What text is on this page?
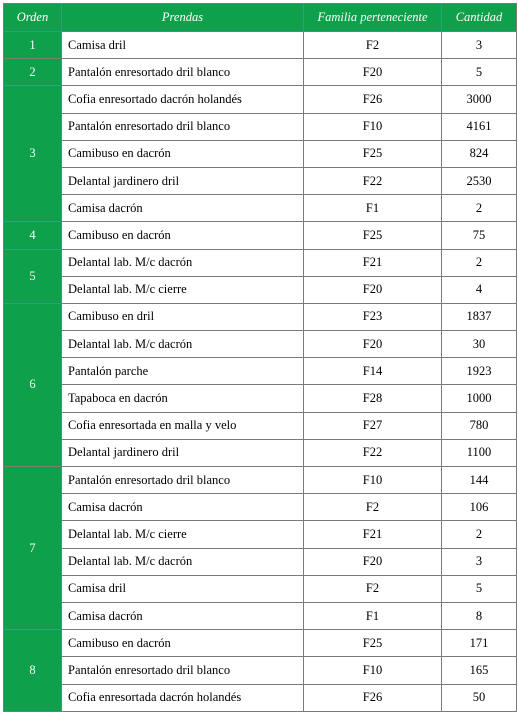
Orden	Prendas	Familia perteneciente	Cantidad
1	Camisa dril	F2	3
2	Pantalón enresortado dril blanco	F20	5
3	Cofia enresortado dacrón holandés	F26	3000
	Pantalón enresortado dril blanco	F10	4161
	Camibuso en dacrón	F25	824
	Delantal jardinero dril	F22	2530
	Camisa dacrón	F1	2
4	Camibuso en dacrón	F25	75
5	Delantal lab. M/c dacrón	F21	2
	Delantal lab. M/c cierre	F20	4
6	Camibuso en dril	F23	1837
	Delantal lab. M/c dacrón	F20	30
	Pantalón parche	F14	1923
	Tapaboca en dacrón	F28	1000
	Cofia enresortada en malla y velo	F27	780
	Delantal jardinero dril	F22	1100
7	Pantalón enresortado dril blanco	F10	144
	Camisa dacrón	F2	106
	Delantal lab. M/c cierre	F21	2
	Delantal lab. M/c dacrón	F20	3
	Camisa dril	F2	5
	Camisa dacrón	F1	8
8	Camibuso en dacrón	F25	171
	Pantalón enresortado dril blanco	F10	165
	Cofia enresortada dacrón holandés	F26	50
